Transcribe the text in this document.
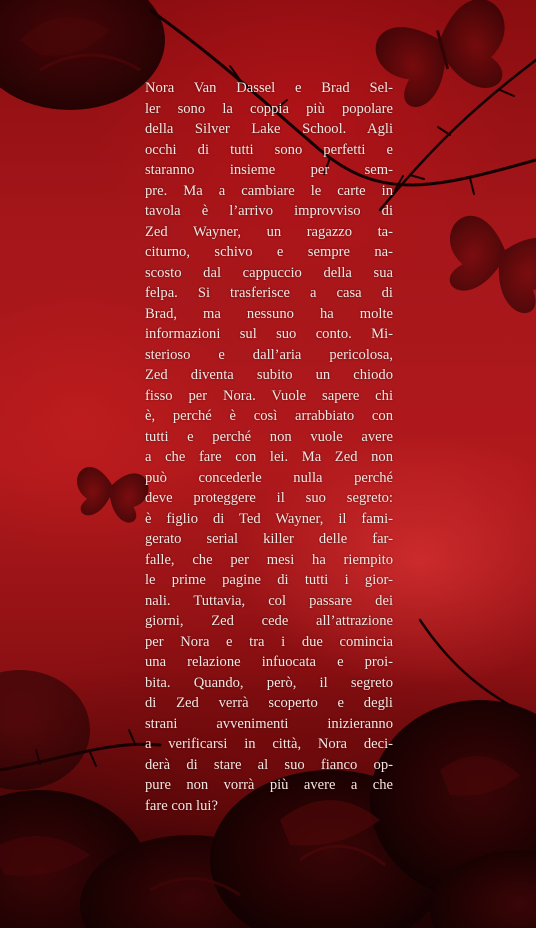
Nora Van Dassel e Brad Sel-
ler sono la coppia più popolare
della Silver Lake School. Agli
occhi di tutti sono perfetti e
staranno insieme per sem-
pre. Ma a cambiare le carte in
tavola è l’arrivo improvviso di
Zed Wayner, un ragazzo ta-
citurno, schivo e sempre na-
scosto dal cappuccio della sua
felpa. Si trasferisce a casa di
Brad, ma nessuno ha molte
informazioni sul suo conto. Mi-
sterioso e dall’aria pericolosa,
Zed diventa subito un chiodo
fisso per Nora. Vuole sapere chi
è, perché è così arrabbiato con
tutti e perché non vuole avere
a che fare con lei. Ma Zed non
può concederle nulla perché
deve proteggere il suo segreto:
è figlio di Ted Wayner, il fami-
gerato serial killer delle far-
falle, che per mesi ha riempito
le prime pagine di tutti i gior-
nali. Tuttavia, col passare dei
giorni, Zed cede all’attrazione
per Nora e tra i due comincia
una relazione infuocata e proi-
bita. Quando, però, il segreto
di Zed verrà scoperto e degli
strani avvenimenti inizieranno
a verificarsi in città, Nora deci-
derà di stare al suo fianco op-
pure non vorrà più avere a che
fare con lui?
